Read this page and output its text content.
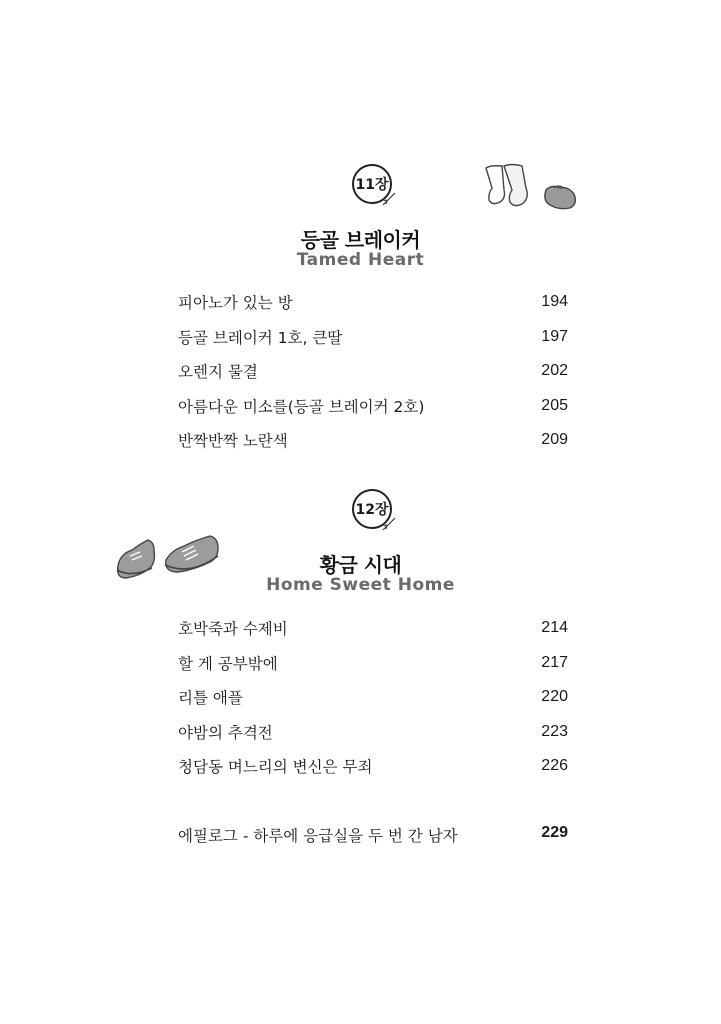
11장
등골 브레이커
Tamed Heart
피아노가 있는 방	194
등골 브레이커 1호, 큰딸	197
오렌지 물결	202
아름다운 미소를(등골 브레이커 2호)	205
반짝반짝 노란색	209
12장
황금 시대
Home Sweet Home
호박죽과 수제비	214
할 게 공부밖에	217
리틀 애플	220
야밤의 추격전	223
청담동 며느리의 변신은 무죄	226
에필로그 - 하루에 응급실을 두 번 간 남자	229
